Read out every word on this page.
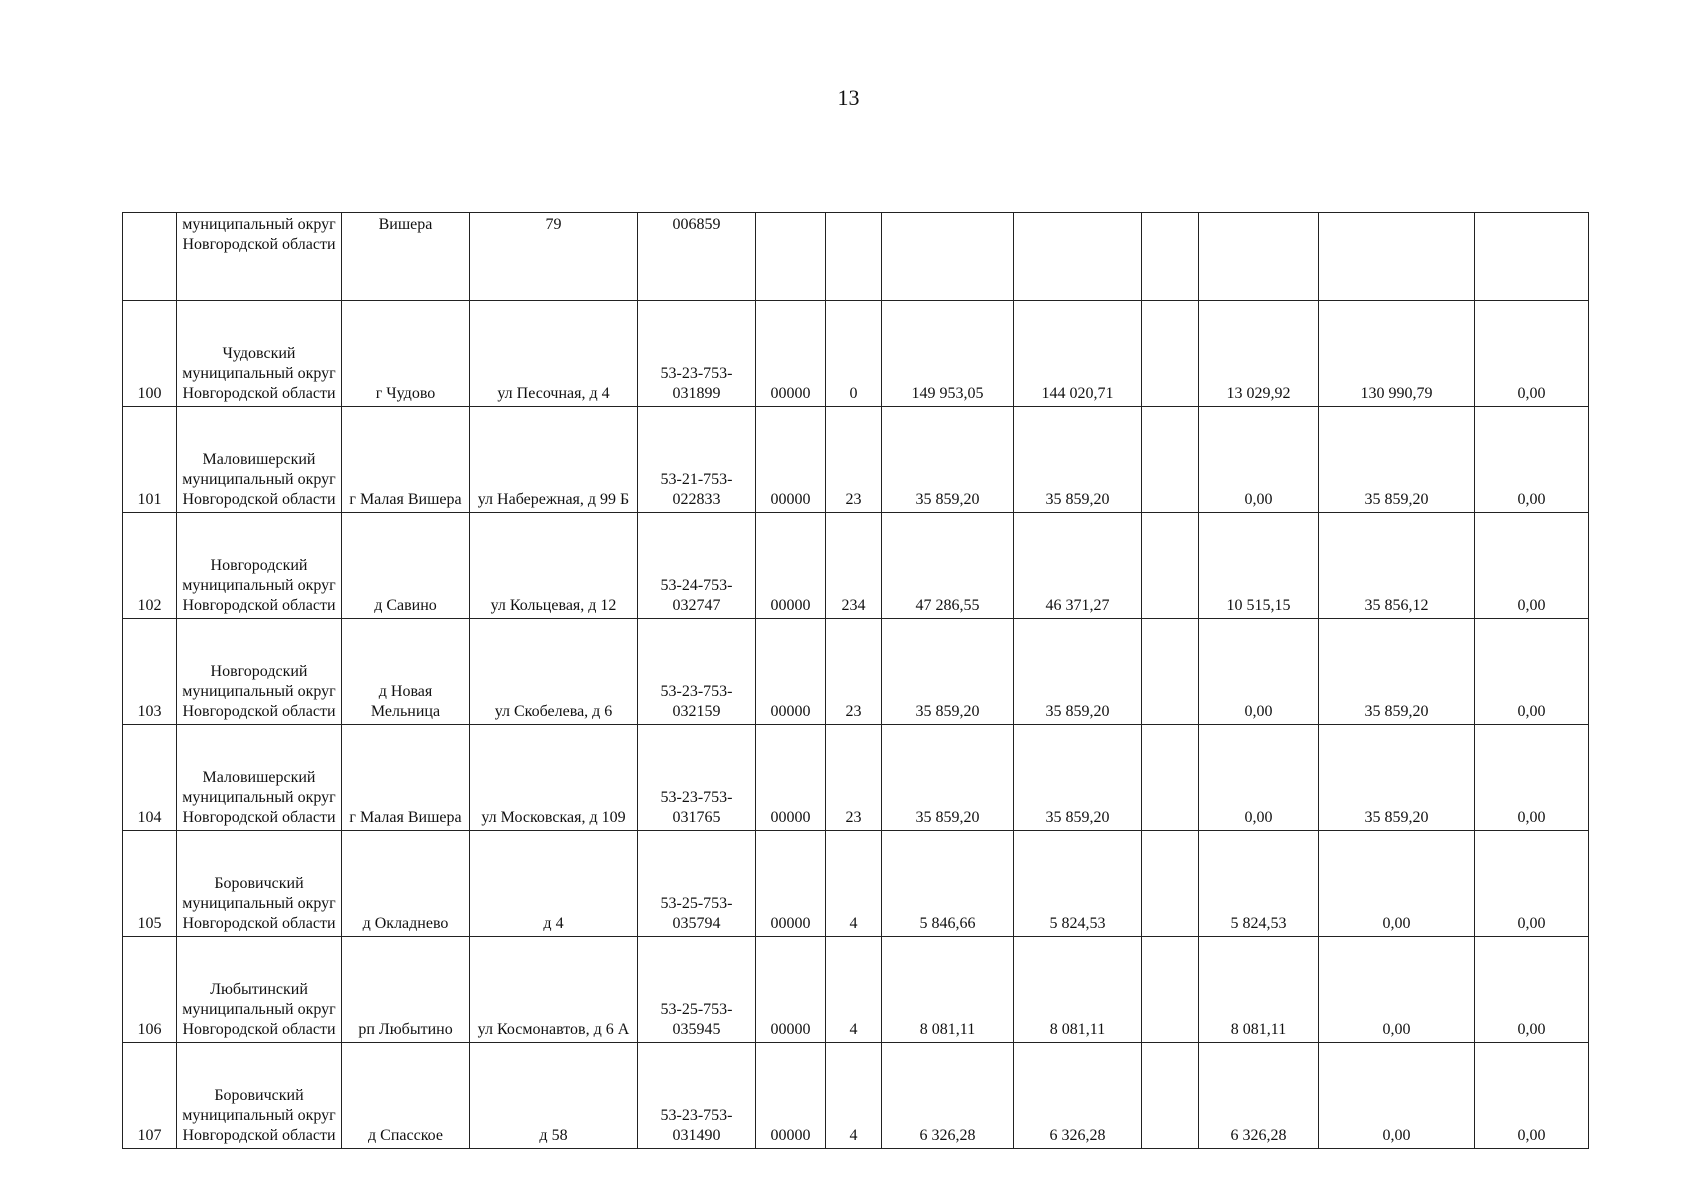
13
	муниципальный округ Новгородской области	Вишера	79	006859								
100	Чудовский муниципальный округ Новгородской области	г Чудово	ул Песочная, д 4	53-23-753-031899	00000	0	149 953,05	144 020,71		13 029,92	130 990,79	0,00
101	Маловишерский муниципальный округ Новгородской области	г Малая Вишера	ул Набережная, д 99 Б	53-21-753-022833	00000	23	35 859,20	35 859,20		0,00	35 859,20	0,00
102	Новгородский муниципальный округ Новгородской области	д Савино	ул Кольцевая, д 12	53-24-753-032747	00000	234	47 286,55	46 371,27		10 515,15	35 856,12	0,00
103	Новгородский муниципальный округ Новгородской области	д Новая Мельница	ул Скобелева, д 6	53-23-753-032159	00000	23	35 859,20	35 859,20		0,00	35 859,20	0,00
104	Маловишерский муниципальный округ Новгородской области	г Малая Вишера	ул Московская, д 109	53-23-753-031765	00000	23	35 859,20	35 859,20		0,00	35 859,20	0,00
105	Боровичский муниципальный округ Новгородской области	д Окладнево	д 4	53-25-753-035794	00000	4	5 846,66	5 824,53		5 824,53	0,00	0,00
106	Любытинский муниципальный округ Новгородской области	рп Любытино	ул Космонавтов, д 6 А	53-25-753-035945	00000	4	8 081,11	8 081,11		8 081,11	0,00	0,00
107	Боровичский муниципальный округ Новгородской области	д Спасское	д 58	53-23-753-031490	00000	4	6 326,28	6 326,28		6 326,28	0,00	0,00
